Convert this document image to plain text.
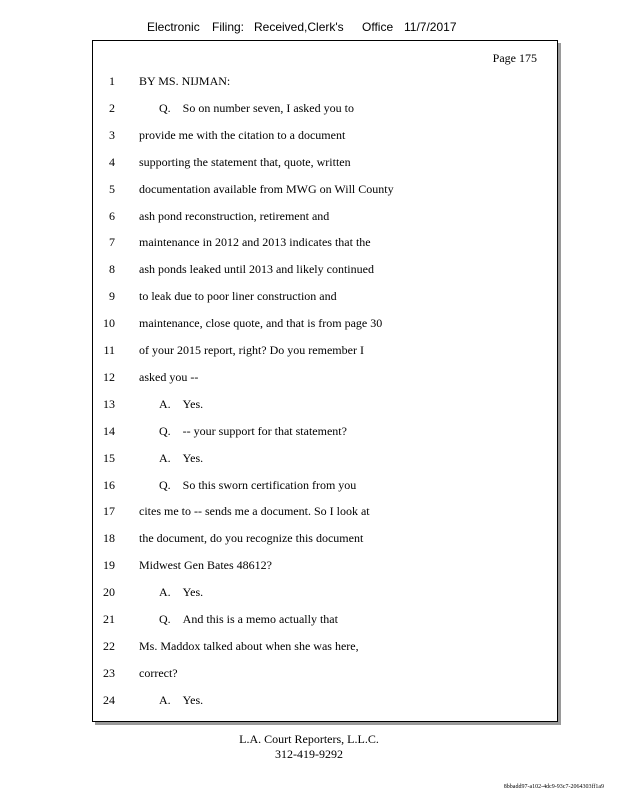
Electronic Filing: Received,Clerk's Office 11/7/2017
Page 175
1 BY MS. NIJMAN:
2	Q.    So on number seven, I asked you to
3 provide me with the citation to a document
4 supporting the statement that, quote, written
5 documentation available from MWG on Will County
6 ash pond reconstruction, retirement and
7 maintenance in 2012 and 2013 indicates that the
8 ash ponds leaked until 2013 and likely continued
9 to leak due to poor liner construction and
10 maintenance, close quote, and that is from page 30
11 of your 2015 report, right? Do you remember I
12 asked you --
13	A.    Yes.
14	Q.    -- your support for that statement?
15	A.    Yes.
16	Q.    So this sworn certification from you
17 cites me to -- sends me a document. So I look at
18 the document, do you recognize this document
19 Midwest Gen Bates 48612?
20	A.    Yes.
21	Q.    And this is a memo actually that
22 Ms. Maddox talked about when she was here,
23 correct?
24	A.    Yes.
L.A. Court Reporters, L.L.C.
312-419-9292
8bbadd97-a102-4dc9-93c7-2064303ff1a9
